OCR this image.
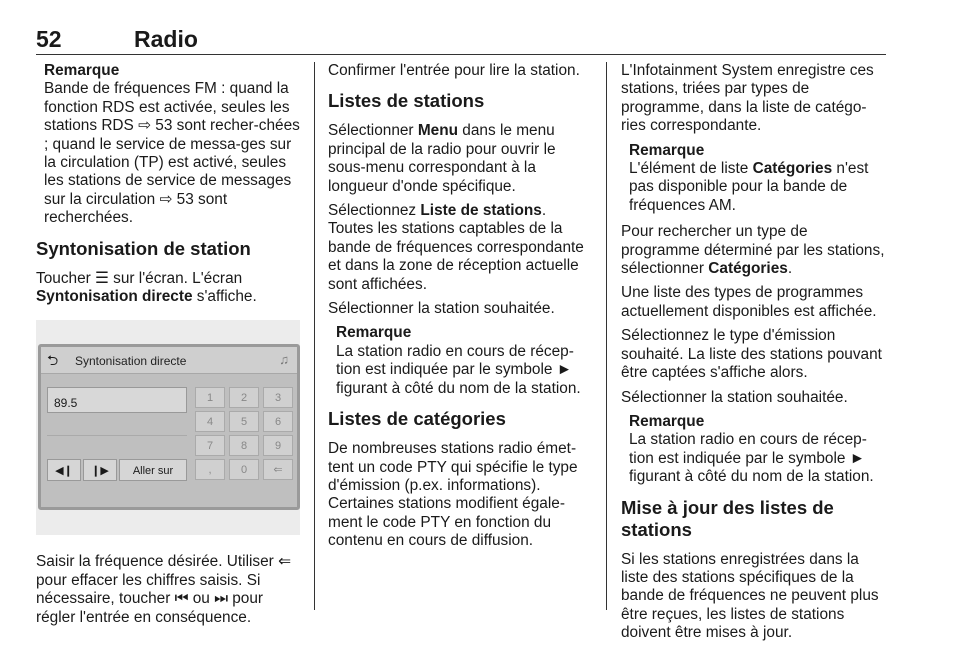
52	Radio
Remarque
Bande de fréquences FM : quand la fonction RDS est activée, seules les stations RDS ⇨ 53 sont recher-chées ; quand le service de messa-ges sur la circulation (TP) est activé, seules les stations de service de messages sur la circulation ⇨ 53 sont recherchées.
Syntonisation de station

Toucher ☰ sur l'écran. L'écran Syntonisation directe s'affiche.

⮌ Syntonisation directe	♫
89.5	1	2	3
4	5	6
7	8	9
,	0	⇐
◀❙	❙▶	Aller sur

Saisir la fréquence désirée. Utiliser ⇐ pour effacer les chiffres saisis. Si nécessaire, toucher ⏮ ou ⏭ pour régler l'entrée en conséquence.

Confirmer l'entrée pour lire la station.

Listes de stations

Sélectionner Menu dans le menu principal de la radio pour ouvrir le sous-menu correspondant à la longueur d'onde spécifique.

Sélectionnez Liste de stations. Toutes les stations captables de la bande de fréquences correspondante et dans la zone de réception actuelle sont affichées.

Sélectionner la station souhaitée.

Remarque
La station radio en cours de récep-tion est indiquée par le symbole ► figurant à côté du nom de la station.
Listes de catégories

De nombreuses stations radio émet-tent un code PTY qui spécifie le type d'émission (p.ex. informations). Certaines stations modifient égale-ment le code PTY en fonction du contenu en cours de diffusion.

L'Infotainment System enregistre ces stations, triées par types de programme, dans la liste de catégo-ries correspondante.

Remarque
L'élément de liste Catégories n'est pas disponible pour la bande de fréquences AM.

Pour rechercher un type de programme déterminé par les stations, sélectionner Catégories.

Une liste des types de programmes actuellement disponibles est affichée.

Sélectionnez le type d'émission souhaité. La liste des stations pouvant être captées s'affiche alors.

Sélectionner la station souhaitée.

Remarque
La station radio en cours de récep-tion est indiquée par le symbole ► figurant à côté du nom de la station.
Mise à jour des listes de stations

Si les stations enregistrées dans la liste des stations spécifiques de la bande de fréquences ne peuvent plus être reçues, les listes de stations doivent être mises à jour.
